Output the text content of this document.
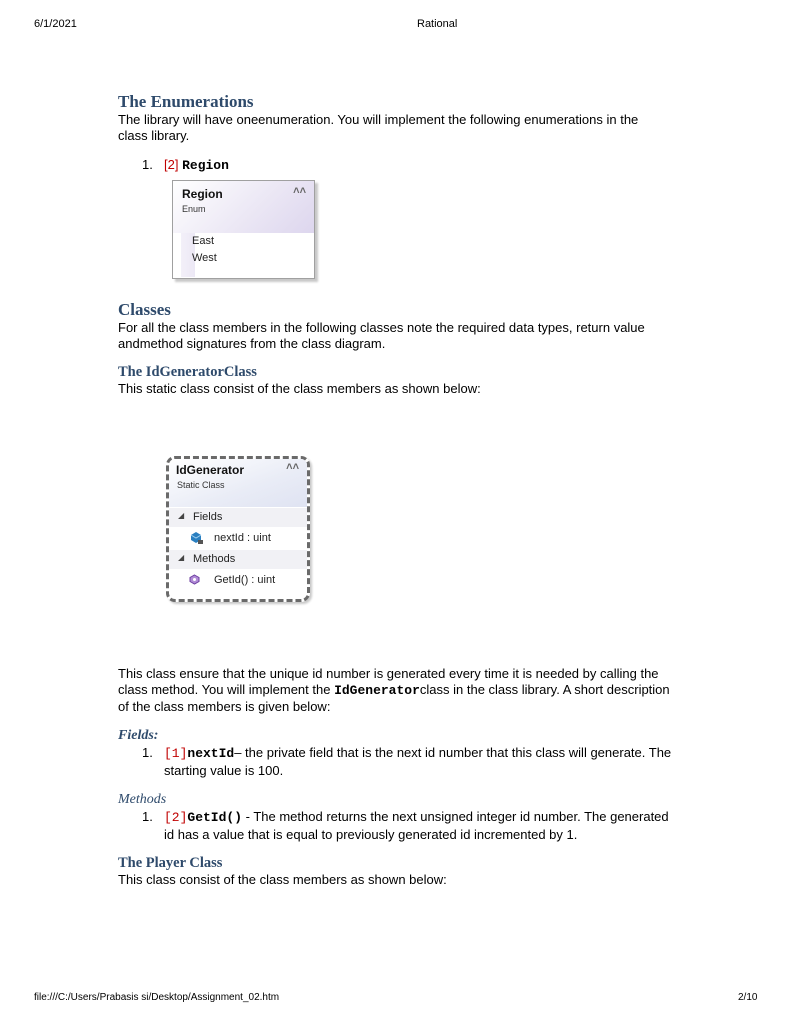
6/1/2021	Rational
The Enumerations

The library will have oneenumeration. You will implement the following enumerations in the class library.

1. [2] Region
Region
Enum
˄˄
East
West
Classes

For all the class members in the following classes note the required data types, return value andmethod signatures from the class diagram.

The IdGeneratorClass

This static class consist of the class members as shown below:

IdGenerator
Static Class
˄˄
◢ Fields
nextId : uint
◢ Methods
GetId() : uint

This class ensure that the unique id number is generated every time it is needed by calling the class method. You will implement the IdGeneratorclass in the class library. A short description of the class members is given below:

Fields:
1. [1]nextId– the private field that is the next id number that this class will generate. The starting value is 100.
Methods
1. [2]GetId() - The method returns the next unsigned integer id number. The generated id has a value that is equal to previously generated id incremented by 1.
The Player Class

This class consist of the class members as shown below:

file:///C:/Users/Prabasis si/Desktop/Assignment_02.htm	2/10
